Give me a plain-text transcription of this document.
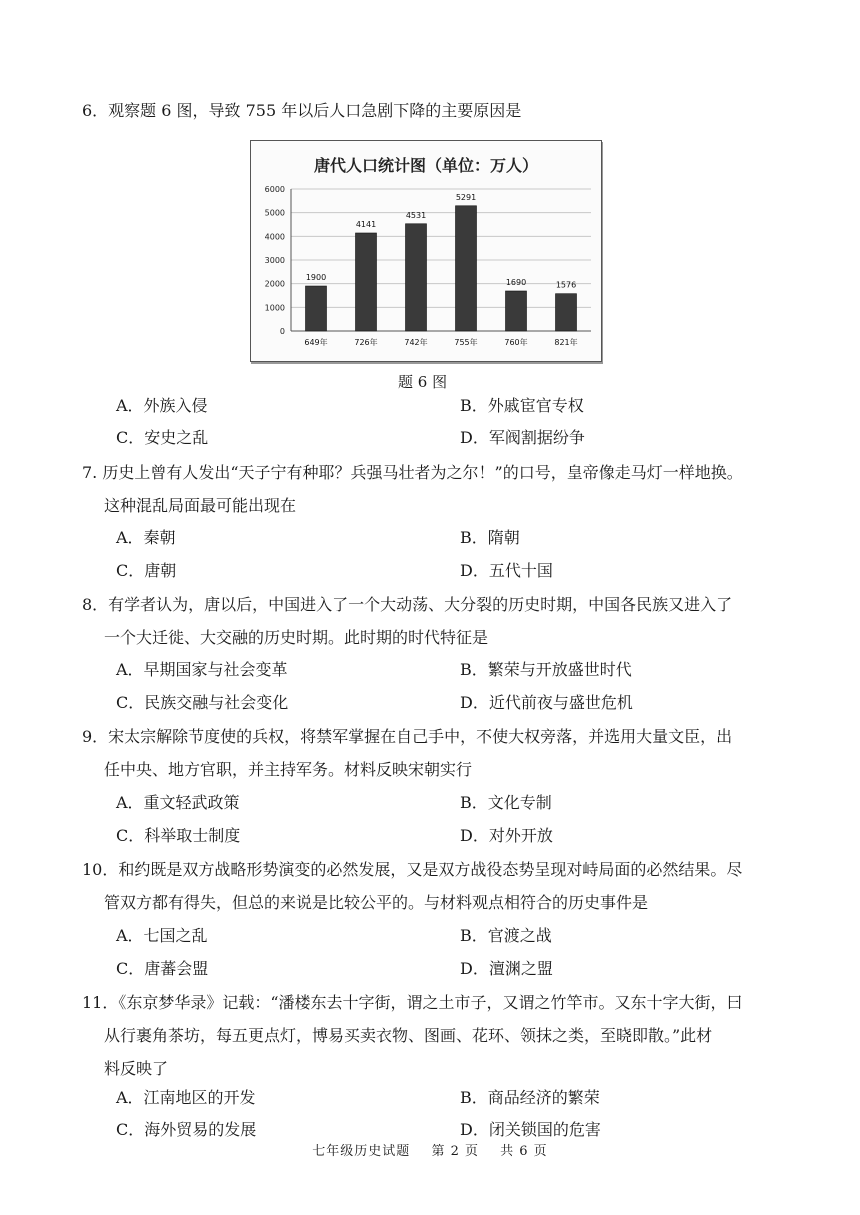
6．观察题 6 图，导致 755 年以后人口急剧下降的主要原因是
唐代人口统计图（单位：万人）
0
1000
2000
3000
4000
5000
6000
1900
649年
4141
726年
4531
742年
5291
755年
1690
760年
1576
821年
题 6 图
A．外族入侵	B．外戚宦官专权
C．安史之乱	D．军阀割据纷争
7. 历史上曾有人发出“天子宁有种耶？兵强马壮者为之尔！”的口号，皇帝像走马灯一样地换。
这种混乱局面最可能出现在
A．秦朝	B．隋朝
C．唐朝	D．五代十国
8．有学者认为，唐以后，中国进入了一个大动荡、大分裂的历史时期，中国各民族又进入了
一个大迁徙、大交融的历史时期。此时期的时代特征是
A．早期国家与社会变革	B．繁荣与开放盛世时代
C．民族交融与社会变化	D．近代前夜与盛世危机
9．宋太宗解除节度使的兵权，将禁军掌握在自己手中，不使大权旁落，并选用大量文臣，出
任中央、地方官职，并主持军务。材料反映宋朝实行
A．重文轻武政策	B．文化专制
C．科举取士制度	D．对外开放
10．和约既是双方战略形势演变的必然发展，又是双方战役态势呈现对峙局面的必然结果。尽
管双方都有得失，但总的来说是比较公平的。与材料观点相符合的历史事件是
A．七国之乱	B．官渡之战
C．唐蕃会盟	D．澶渊之盟
11．《东京梦华录》记载：“潘楼东去十字街，谓之土市子，又谓之竹竿市。又东十字大街，曰
从行裹角茶坊，每五更点灯，博易买卖衣物、图画、花环、领抹之类，至晓即散。”此材
料反映了
A．江南地区的开发	B．商品经济的繁荣
C．海外贸易的发展	D．闭关锁国的危害
七年级历史试题 第 2 页 共 6 页
